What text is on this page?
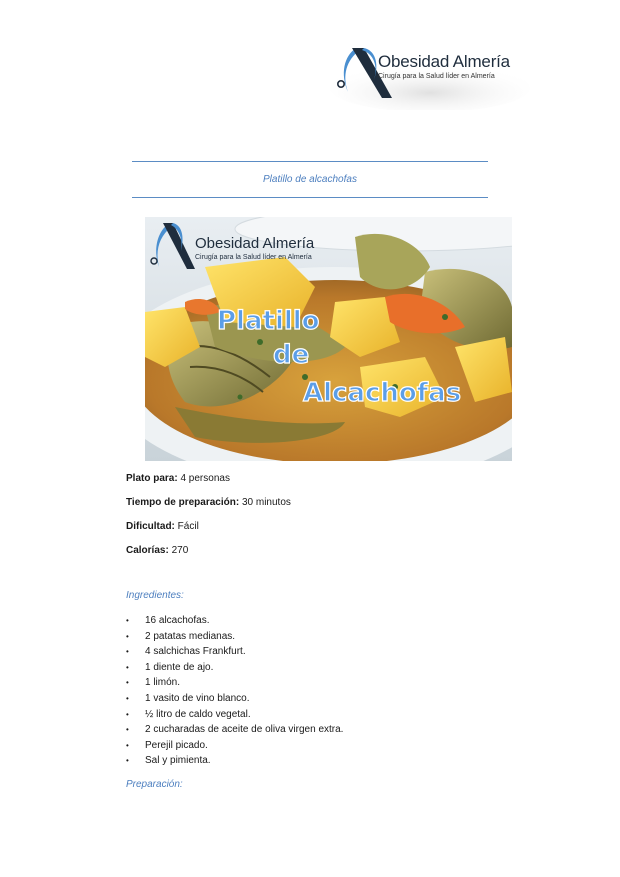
Obesidad Almería
Cirugía para la Salud líder en Almería
Platillo de alcachofas
Obesidad Almería
Cirugía para la Salud líder en Almería
Platillo
de
Alcachofas
Plato para: 4 personas
Tiempo de preparación: 30 minutos
Dificultad: Fácil
Calorías: 270
Ingredientes:
•	16 alcachofas.
•	2 patatas medianas.
•	4 salchichas Frankfurt.
•	1 diente de ajo.
•	1 limón.
•	1 vasito de vino blanco.
•	½ litro de caldo vegetal.
•	2 cucharadas de aceite de oliva virgen extra.
•	Perejil picado.
•	Sal y pimienta.
Preparación:
